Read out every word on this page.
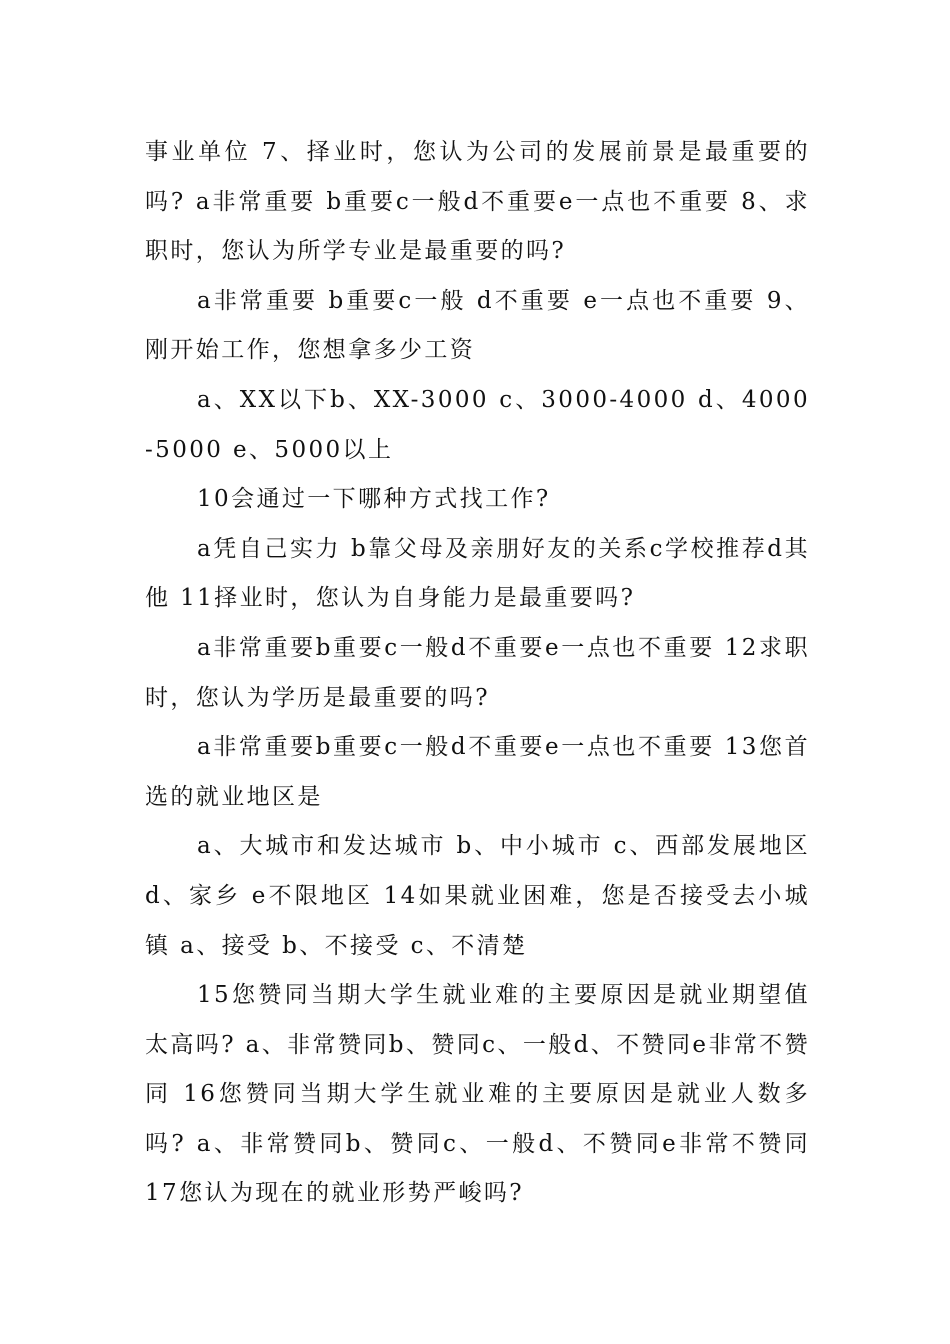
事业单位 7、择业时，您认为公司的发展前景是最重要的吗? a非常重要 b重要c一般d不重要e一点也不重要 8、求职时，您认为所学专业是最重要的吗?

a非常重要 b重要c一般 d不重要 e一点也不重要 9、 刚开始工作，您想拿多少工资

a、XX以下b、XX-3000 c、3000-4000 d、4000-5000 e、5000以上

10会通过一下哪种方式找工作?

a凭自己实力 b靠父母及亲朋好友的关系c学校推荐d其他 11择业时，您认为自身能力是最重要吗?

a非常重要b重要c一般d不重要e一点也不重要 12求职时，您认为学历是最重要的吗?

a非常重要b重要c一般d不重要e一点也不重要 13您首选的就业地区是

a、大城市和发达城市 b、中小城市 c、西部发展地区 d、家乡 e不限地区 14如果就业困难，您是否接受去小城镇 a、接受 b、不接受 c、不清楚

15您赞同当期大学生就业难的主要原因是就业期望值太高吗? a、非常赞同b、赞同c、一般d、不赞同e非常不赞同 16您赞同当期大学生就业难的主要原因是就业人数多吗? a、非常赞同b、赞同c、一般d、不赞同e非常不赞同 17您认为现在的就业形势严峻吗?
